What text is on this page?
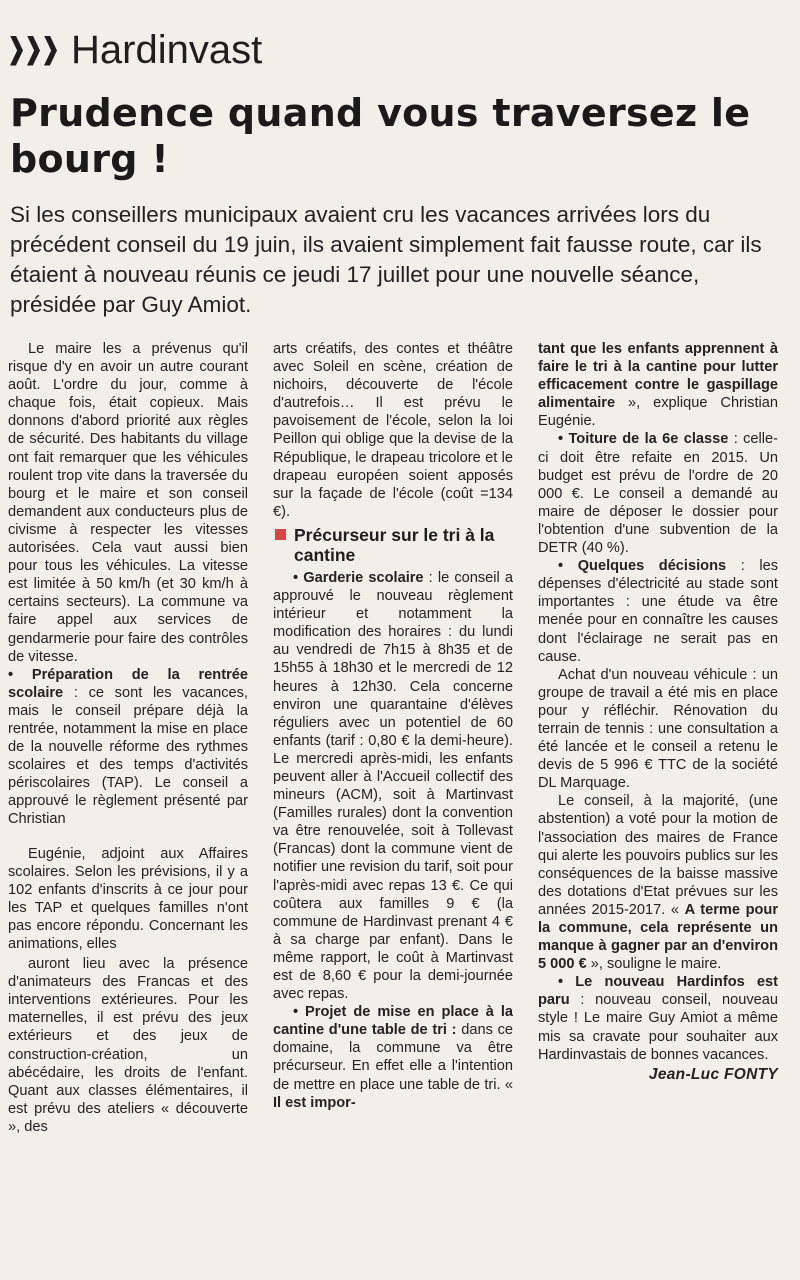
Hardinvast
Prudence quand vous traversez le bourg !
Si les conseillers municipaux avaient cru les vacances arrivées lors du précédent conseil du 19 juin, ils avaient simplement fait fausse route, car ils étaient à nouveau réunis ce jeudi 17 juillet pour une nouvelle séance, présidée par Guy Amiot.

Le maire les a prévenus qu'il risque d'y en avoir un autre courant août. L'ordre du jour, comme à chaque fois, était copieux. Mais donnons d'abord priorité aux règles de sécurité. Des habitants du village ont fait remarquer que les véhicules roulent trop vite dans la traversée du bourg et le maire et son conseil demandent aux conducteurs plus de civisme à respecter les vitesses autorisées. Cela vaut aussi bien pour tous les véhicules. La vitesse est limitée à 50 km/h (et 30 km/h à certains secteurs). La commune va faire appel aux services de gendarmerie pour faire des contrôles de vitesse.

• Préparation de la rentrée scolaire : ce sont les vacances, mais le conseil prépare déjà la rentrée, notamment la mise en place de la nouvelle réforme des rythmes scolaires et des temps d'activités périscolaires (TAP). Le conseil a approuvé le règlement présenté par Christian

Eugénie, adjoint aux Affaires scolaires. Selon les prévisions, il y a 102 enfants d'inscrits à ce jour pour les TAP et quelques familles n'ont pas encore répondu. Concernant les animations, elles

auront lieu avec la présence d'animateurs des Francas et des interventions extérieures. Pour les maternelles, il est prévu des jeux extérieurs et des jeux de construction-création, un abécédaire, les droits de l'enfant. Quant aux classes élémentaires, il est prévu des ateliers « découverte », des

arts créatifs, des contes et théâtre avec Soleil en scène, création de nichoirs, découverte de l'école d'autrefois… Il est prévu le pavoisement de l'école, selon la loi Peillon qui oblige que la devise de la République, le drapeau tricolore et le drapeau européen soient apposés sur la façade de l'école (coût =134 €).

Précurseur sur le tri à la cantine

• Garderie scolaire : le conseil a approuvé le nouveau règlement intérieur et notamment la modification des horaires : du lundi au vendredi de 7h15 à 8h35 et de 15h55 à 18h30 et le mercredi de 12 heures à 12h30. Cela concerne environ une quarantaine d'élèves réguliers avec un potentiel de 60 enfants (tarif : 0,80 € la demi-heure). Le mercredi après-midi, les enfants peuvent aller à l'Accueil collectif des mineurs (ACM), soit à Martinvast (Familles rurales) dont la convention va être renouvelée, soit à Tollevast (Francas) dont la commune vient de notifier une revision du tarif, soit pour l'après-midi avec repas 13 €. Ce qui coûtera aux familles 9 € (la commune de Hardinvast prenant 4 € à sa charge par enfant). Dans le même rapport, le coût à Martinvast est de 8,60 € pour la demi-journée avec repas.

• Projet de mise en place à la cantine d'une table de tri : dans ce domaine, la commune va être précurseur. En effet elle a l'intention de mettre en place une table de tri. « Il est impor-

tant que les enfants apprennent à faire le tri à la cantine pour lutter efficacement contre le gaspillage alimentaire », explique Christian Eugénie.

• Toiture de la 6e classe : celle-ci doit être refaite en 2015. Un budget est prévu de l'ordre de 20 000 €. Le conseil a demandé au maire de déposer le dossier pour l'obtention d'une subvention de la DETR (40 %).

• Quelques décisions : les dépenses d'électricité au stade sont importantes : une étude va être menée pour en connaître les causes dont l'éclairage ne serait pas en cause.

Achat d'un nouveau véhicule : un groupe de travail a été mis en place pour y réfléchir. Rénovation du terrain de tennis : une consultation a été lancée et le conseil a retenu le devis de 5 996 € TTC de la société DL Marquage.

Le conseil, à la majorité, (une abstention) a voté pour la motion de l'association des maires de France qui alerte les pouvoirs publics sur les conséquences de la baisse massive des dotations d'Etat prévues sur les années 2015-2017. « A terme pour la commune, cela représente un manque à gagner par an d'environ 5 000 € », souligne le maire.

• Le nouveau Hardinfos est paru : nouveau conseil, nouveau style ! Le maire Guy Amiot a même mis sa cravate pour souhaiter aux Hardinvastais de bonnes vacances.

Jean-Luc FONTY
